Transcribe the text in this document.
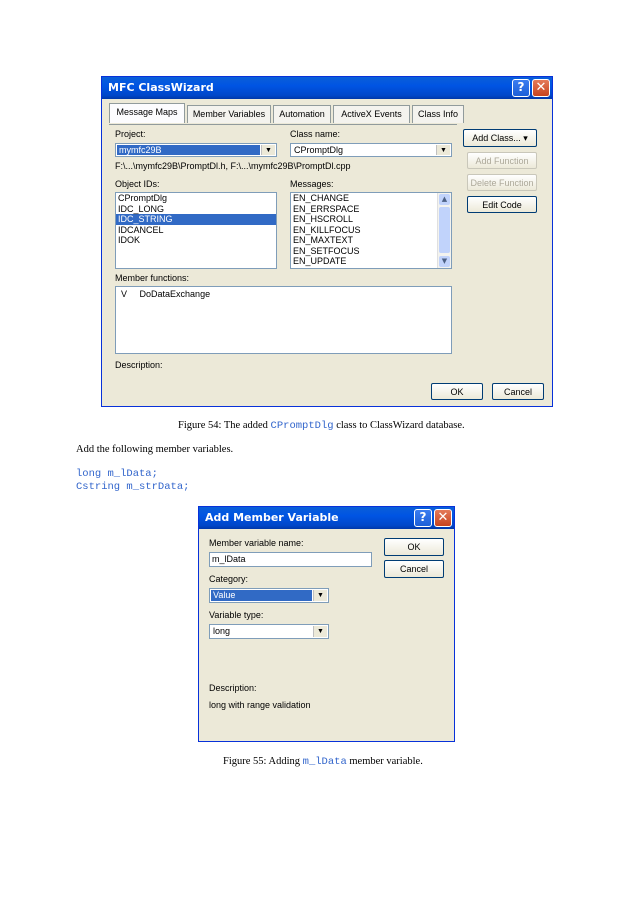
MFC ClassWizard	? ✕
Message Maps	Member Variables	Automation	ActiveX Events	Class Info
Project:
mymfc29B	▼
Class name:
CPromptDlg	▼
F:\...\mymfc29B\PromptDl.h, F:\...\mymfc29B\PromptDl.cpp
Object IDs:
CPromptDlg
IDC_LONG
IDC_STRING
IDCANCEL
IDOK
Messages:
EN_CHANGE
EN_ERRSPACE
EN_HSCROLL
EN_KILLFOCUS
EN_MAXTEXT
EN_SETFOCUS
EN_UPDATE
▲
▼
Member functions:
V DoDataExchange
Description:
Add Class... ▾
Add Function
Delete Function
Edit Code
OK	Cancel
Figure 54: The added CPromptDlg class to ClassWizard database.
Add the following member variables.
long m_lData;
Cstring m_strData;
Add Member Variable	? ✕
Member variable name:
m_lData
Category:
Value	▼
Variable type:
long	▼
Description:
long with range validation
OK
Cancel
Figure 55: Adding m_lData member variable.
